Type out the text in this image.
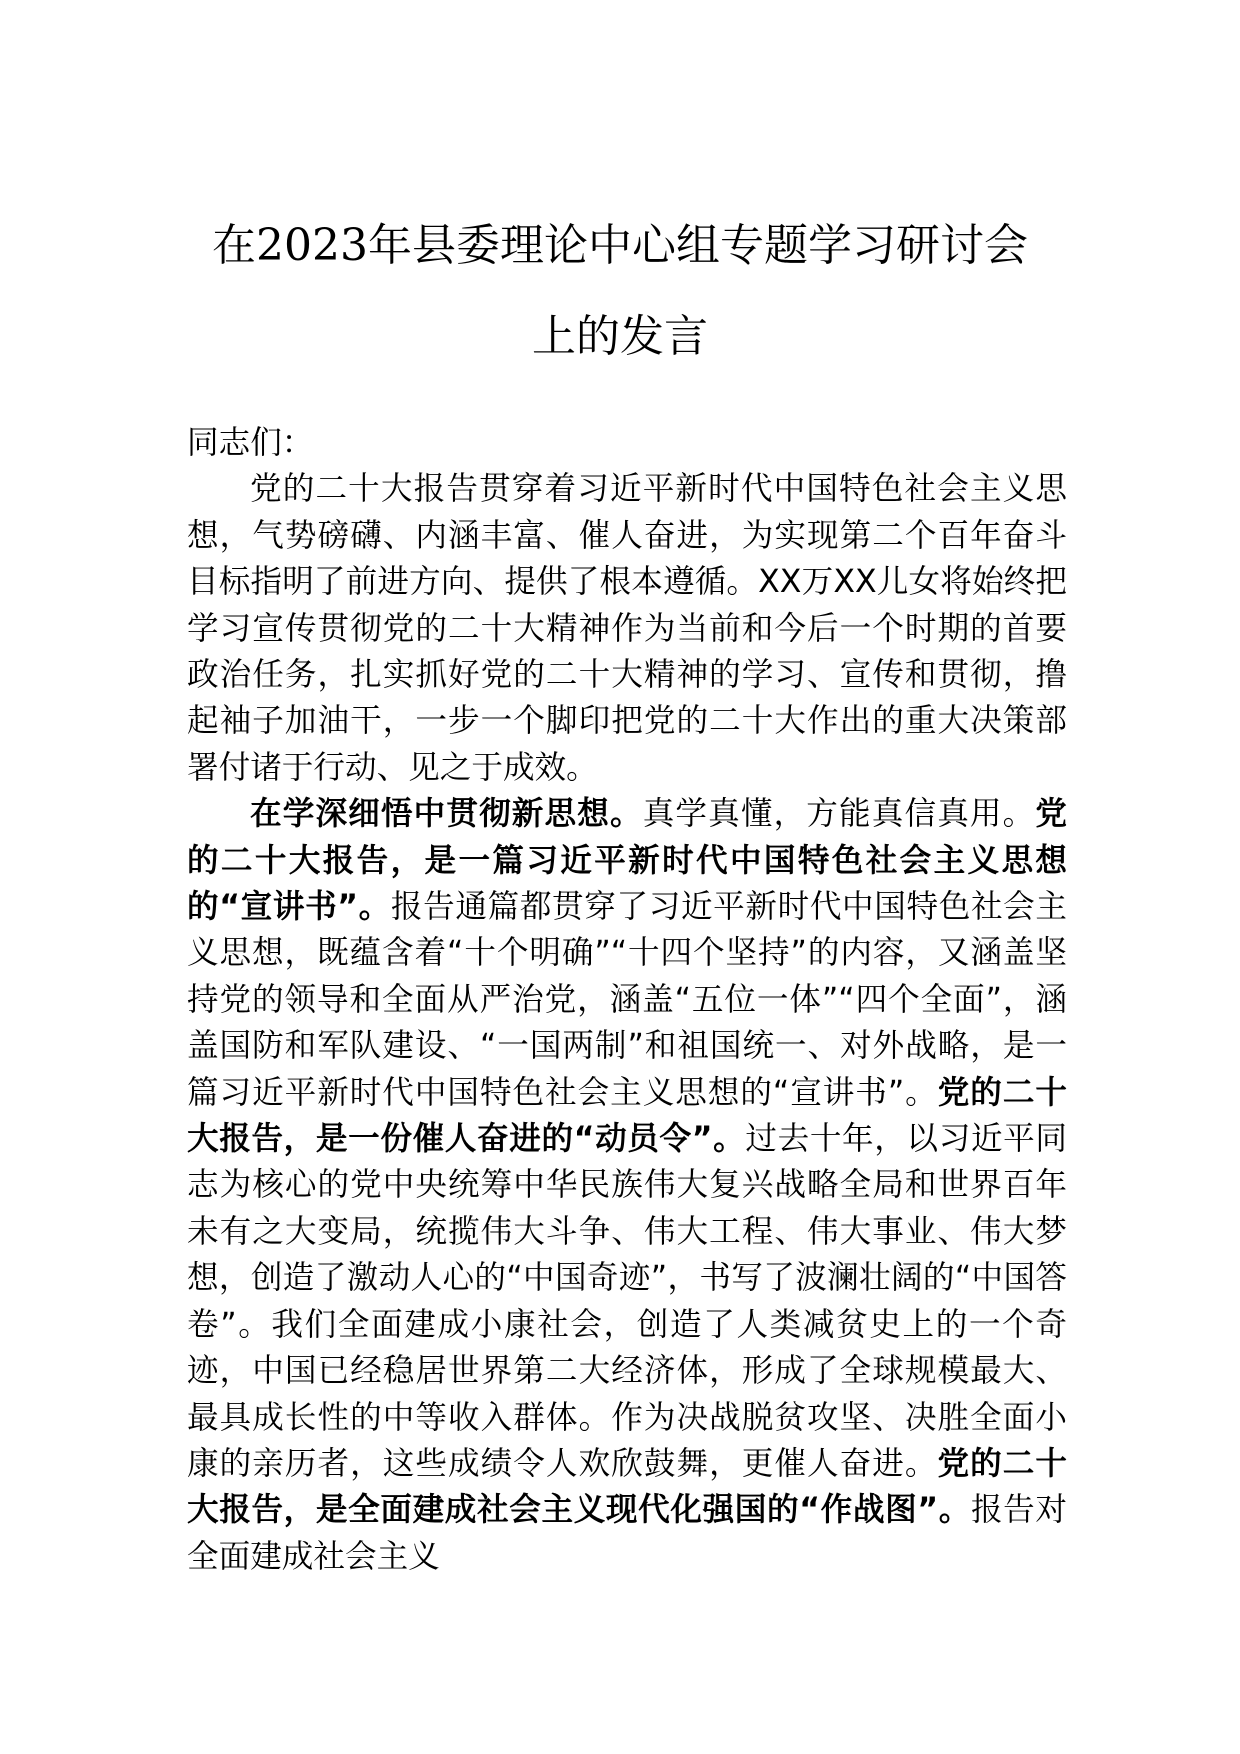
在2023年县委理论中心组专题学习研讨会
上的发言

同志们：

党的二十大报告贯穿着习近平新时代中国特色社会主义思想，气势磅礴、内涵丰富、催人奋进，为实现第二个百年奋斗目标指明了前进方向、提供了根本遵循。XX万XX儿女将始终把学习宣传贯彻党的二十大精神作为当前和今后一个时期的首要政治任务，扎实抓好党的二十大精神的学习、宣传和贯彻，撸起袖子加油干，一步一个脚印把党的二十大作出的重大决策部署付诸于行动、见之于成效。

在学深细悟中贯彻新思想。真学真懂，方能真信真用。党的二十大报告，是一篇习近平新时代中国特色社会主义思想的“宣讲书”。报告通篇都贯穿了习近平新时代中国特色社会主义思想，既蕴含着“十个明确”“十四个坚持”的内容，又涵盖坚持党的领导和全面从严治党，涵盖“五位一体”“四个全面”，涵盖国防和军队建设、“一国两制”和祖国统一、对外战略，是一篇习近平新时代中国特色社会主义思想的“宣讲书”。党的二十大报告，是一份催人奋进的“动员令”。过去十年，以习近平同志为核心的党中央统筹中华民族伟大复兴战略全局和世界百年未有之大变局，统揽伟大斗争、伟大工程、伟大事业、伟大梦想，创造了激动人心的“中国奇迹”，书写了波澜壮阔的“中国答卷”。我们全面建成小康社会，创造了人类减贫史上的一个奇迹，中国已经稳居世界第二大经济体，形成了全球规模最大、最具成长性的中等收入群体。作为决战脱贫攻坚、决胜全面小康的亲历者，这些成绩令人欢欣鼓舞，更催人奋进。党的二十大报告，是全面建成社会主义现代化强国的“作战图”。报告对全面建成社会主义
